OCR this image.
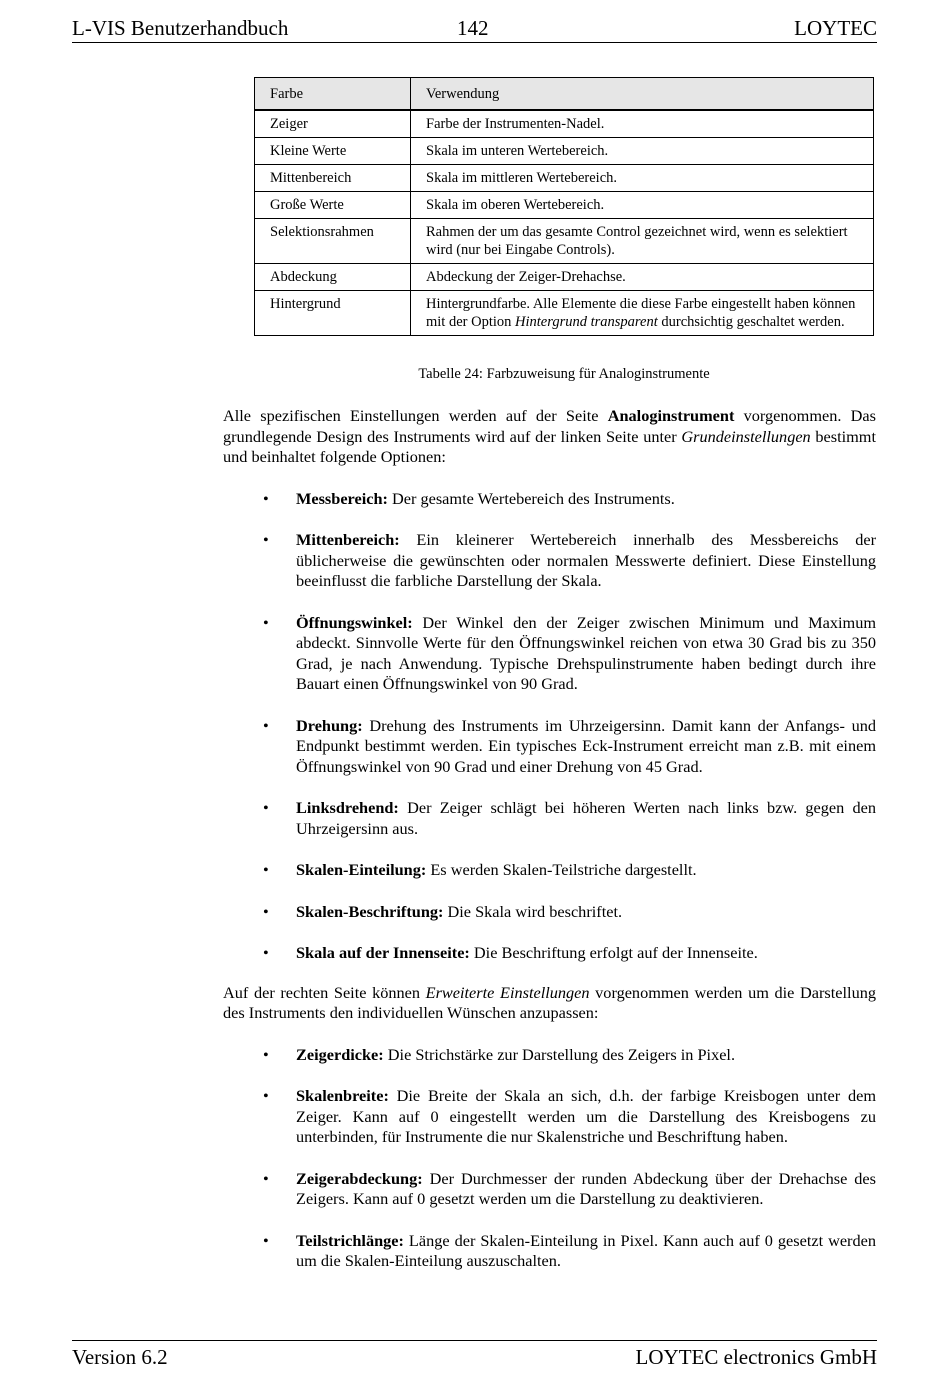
L-VIS Benutzerhandbuch	142	LOYTEC
Farbe	Verwendung
Zeiger	Farbe der Instrumenten-Nadel.
Kleine Werte	Skala im unteren Wertebereich.
Mittenbereich	Skala im mittleren Wertebereich.
Große Werte	Skala im oberen Wertebereich.
Selektionsrahmen	Rahmen der um das gesamte Control gezeichnet wird, wenn es selektiert wird (nur bei Eingabe Controls).
Abdeckung	Abdeckung der Zeiger-Drehachse.
Hintergrund	Hintergrundfarbe. Alle Elemente die diese Farbe eingestellt haben können mit der Option Hintergrund transparent durchsichtig geschaltet werden.
Tabelle 24: Farbzuweisung für Analoginstrumente

Alle spezifischen Einstellungen werden auf der Seite Analoginstrument vorgenommen. Das grundlegende Design des Instruments wird auf der linken Seite unter Grundeinstellungen bestimmt und beinhaltet folgende Optionen:

• Messbereich: Der gesamte Wertebereich des Instruments.
• Mittenbereich: Ein kleinerer Wertebereich innerhalb des Messbereichs der üblicherweise die gewünschten oder normalen Messwerte definiert. Diese Einstellung beeinflusst die farbliche Darstellung der Skala.
• Öffnungswinkel: Der Winkel den der Zeiger zwischen Minimum und Maximum abdeckt. Sinnvolle Werte für den Öffnungswinkel reichen von etwa 30 Grad bis zu 350 Grad, je nach Anwendung. Typische Drehspulinstrumente haben bedingt durch ihre Bauart einen Öffnungswinkel von 90 Grad.
• Drehung: Drehung des Instruments im Uhrzeigersinn. Damit kann der Anfangs- und Endpunkt bestimmt werden. Ein typisches Eck-Instrument erreicht man z.B. mit einem Öffnungswinkel von 90 Grad und einer Drehung von 45 Grad.
• Linksdrehend: Der Zeiger schlägt bei höheren Werten nach links bzw. gegen den Uhrzeigersinn aus.
• Skalen-Einteilung: Es werden Skalen-Teilstriche dargestellt.
• Skalen-Beschriftung: Die Skala wird beschriftet.
• Skala auf der Innenseite: Die Beschriftung erfolgt auf der Innenseite.

Auf der rechten Seite können Erweiterte Einstellungen vorgenommen werden um die Darstellung des Instruments den individuellen Wünschen anzupassen:

• Zeigerdicke: Die Strichstärke zur Darstellung des Zeigers in Pixel.
• Skalenbreite: Die Breite der Skala an sich, d.h. der farbige Kreisbogen unter dem Zeiger. Kann auf 0 eingestellt werden um die Darstellung des Kreisbogens zu unterbinden, für Instrumente die nur Skalenstriche und Beschriftung haben.
• Zeigerabdeckung: Der Durchmesser der runden Abdeckung über der Drehachse des Zeigers. Kann auf 0 gesetzt werden um die Darstellung zu deaktivieren.
• Teilstrichlänge: Länge der Skalen-Einteilung in Pixel. Kann auch auf 0 gesetzt werden um die Skalen-Einteilung auszuschalten.
Version 6.2	LOYTEC electronics GmbH
